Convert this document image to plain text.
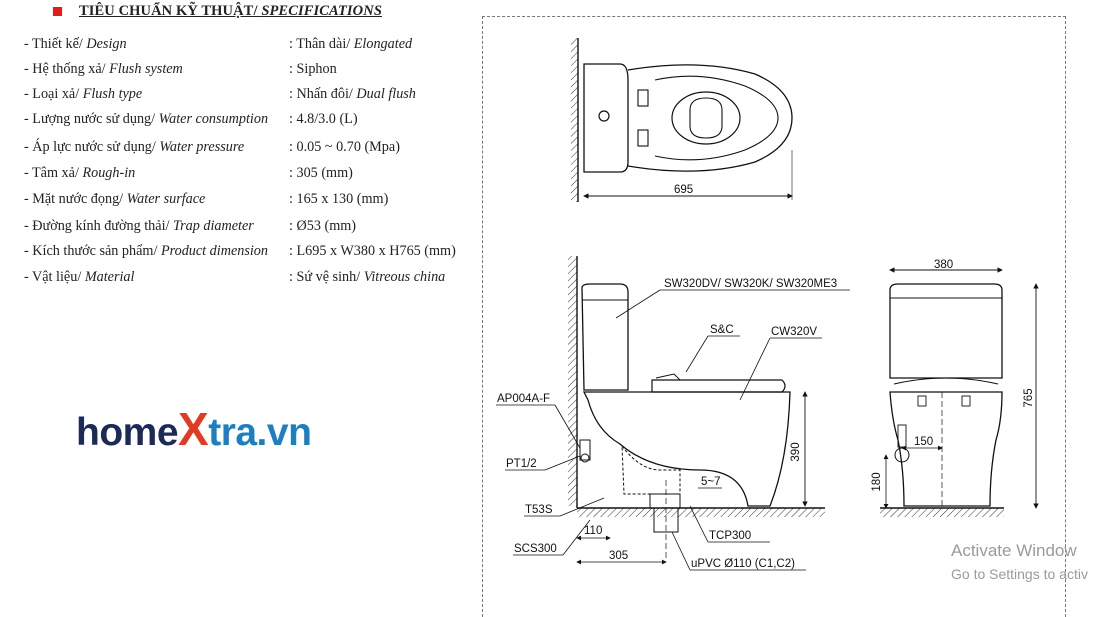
TIÊU CHUẨN KỸ THUẬT/ SPECIFICATIONS
- Thiết kế/ Design	: Thân dài/ Elongated
- Hệ thống xả/ Flush system	: Siphon
- Loại xả/ Flush type	: Nhấn đôi/ Dual flush
- Lượng nước sử dụng/ Water consumption : 4.8/3.0 (L)
- Áp lực nước sử dụng/ Water pressure	: 0.05 ~ 0.70 (Mpa)
- Tâm xả/ Rough-in	: 305 (mm)
- Mặt nước đọng/ Water surface	: 165 x 130 (mm)
- Đường kính đường thải/ Trap diameter : Ø53 (mm)
- Kích thước sản phẩm/ Product dimension : L695 x W380 x H765 (mm)
- Vật liệu/ Material	: Sứ vệ sinh/ Vitreous china
home X tra.vn
695
390
5~7
110
305
SW320DV/ SW320K/ SW320ME3
S&C	CW320V
AP004A-F
PT1/2
T53S
SCS300
TCP300
uPVC Ø110 (C1,C2)
380
765
150
180
Activate Window
Go to Settings to activ
